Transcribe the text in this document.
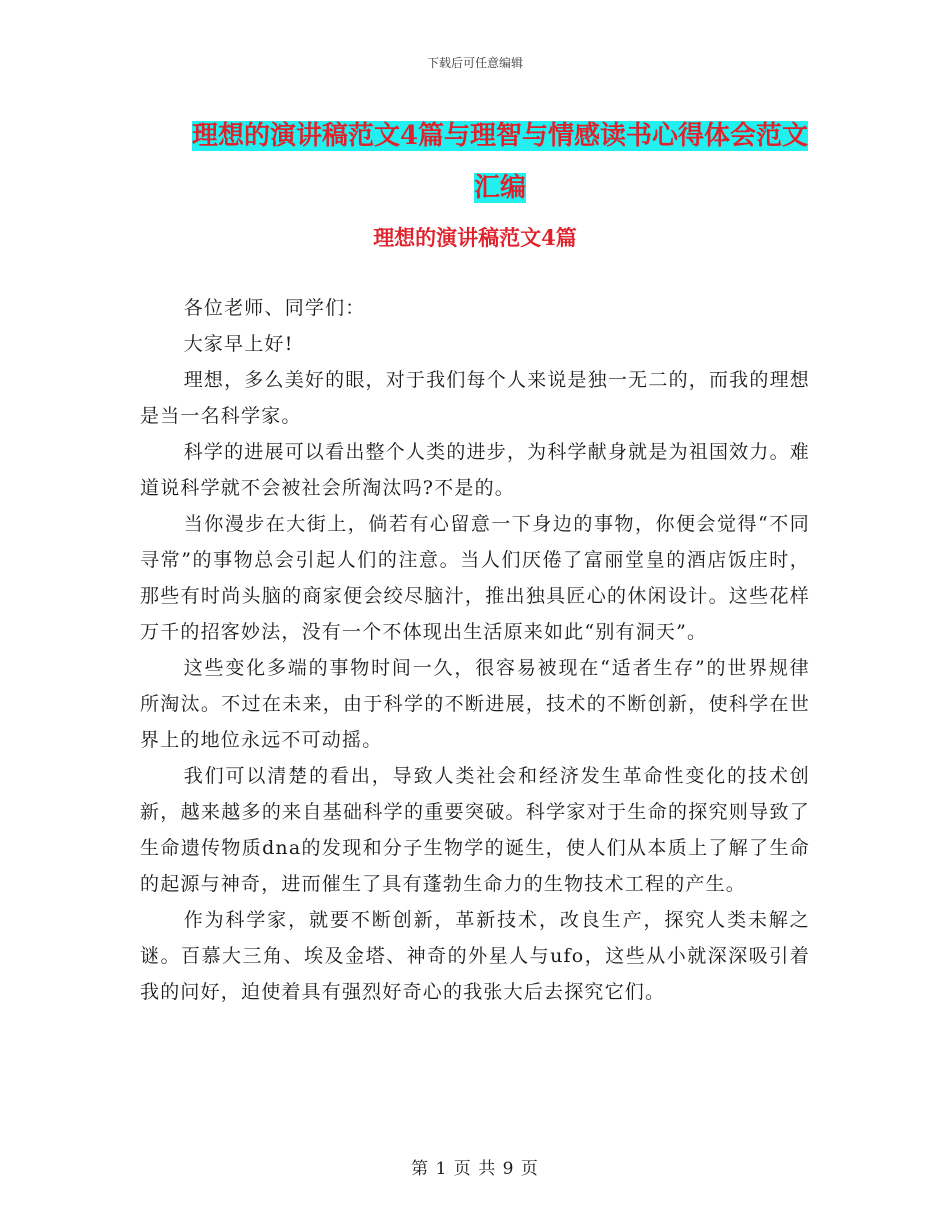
下载后可任意编辑
理想的演讲稿范文4篇与理智与情感读书心得体会范文汇编
理想的演讲稿范文4篇

各位老师、同学们：

大家早上好!

理想，多么美好的眼，对于我们每个人来说是独一无二的，而我的理想是当一名科学家。

科学的进展可以看出整个人类的进步，为科学献身就是为祖国效力。难道说科学就不会被社会所淘汰吗?不是的。

当你漫步在大街上，倘若有心留意一下身边的事物，你便会觉得“不同寻常”的事物总会引起人们的注意。当人们厌倦了富丽堂皇的酒店饭庄时，那些有时尚头脑的商家便会绞尽脑汁，推出独具匠心的休闲设计。这些花样万千的招客妙法，没有一个不体现出生活原来如此“别有洞天”。

这些变化多端的事物时间一久，很容易被现在“适者生存”的世界规律所淘汰。不过在未来，由于科学的不断进展，技术的不断创新，使科学在世界上的地位永远不可动摇。

我们可以清楚的看出，导致人类社会和经济发生革命性变化的技术创新，越来越多的来自基础科学的重要突破。科学家对于生命的探究则导致了生命遗传物质dna的发现和分子生物学的诞生，使人们从本质上了解了生命的起源与神奇，进而催生了具有蓬勃生命力的生物技术工程的产生。

作为科学家，就要不断创新，革新技术，改良生产，探究人类未解之谜。百慕大三角、埃及金塔、神奇的外星人与ufo，这些从小就深深吸引着我的问好，迫使着具有强烈好奇心的我张大后去探究它们。

第 1 页 共 9 页
